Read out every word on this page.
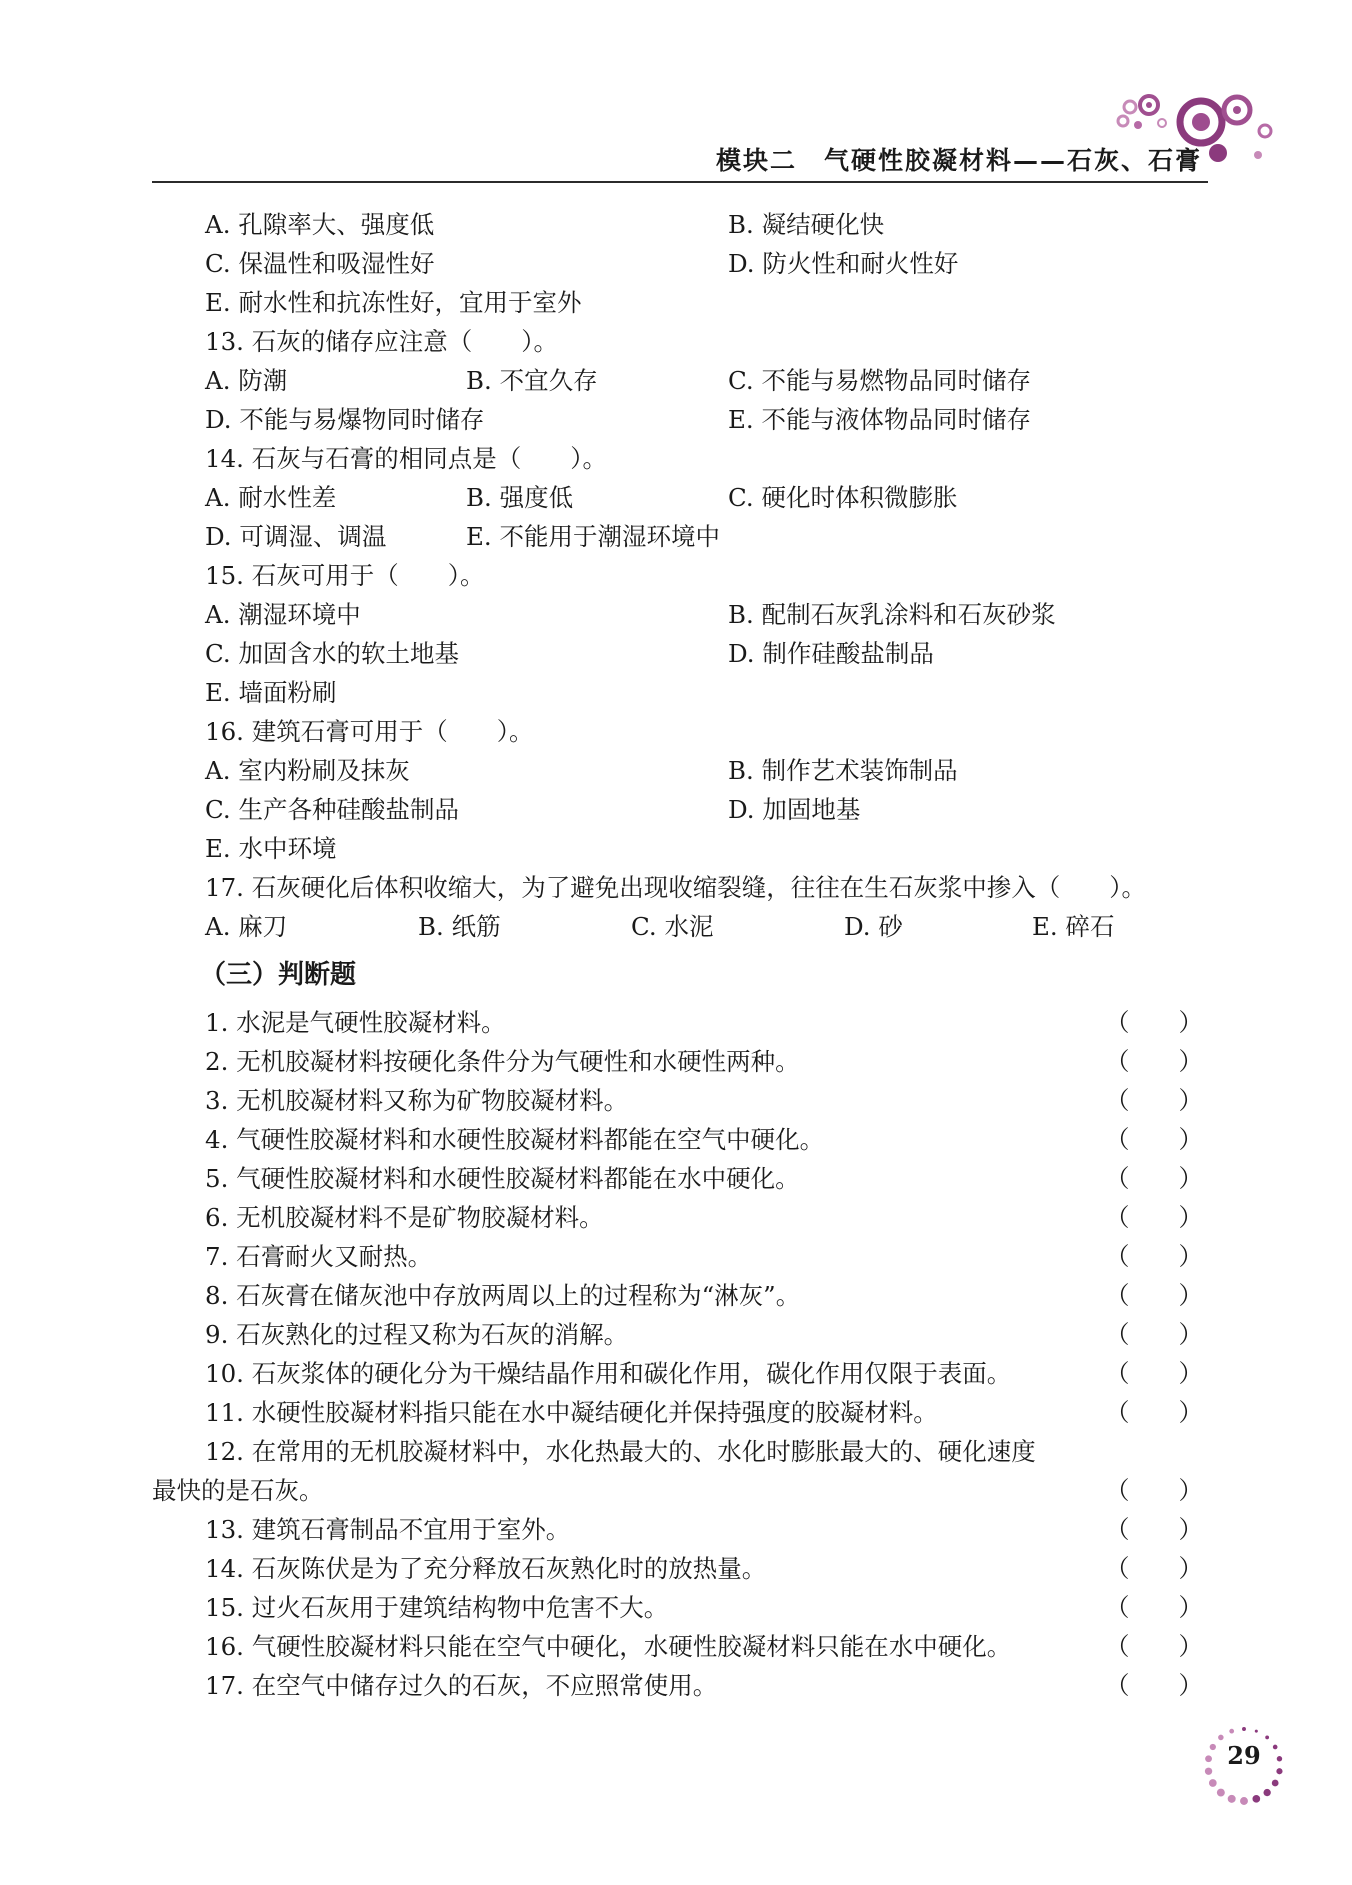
模块二　气硬性胶凝材料——石灰、石膏
A. 孔隙率大、强度低	B. 凝结硬化快
C. 保温性和吸湿性好	D. 防火性和耐火性好
E. 耐水性和抗冻性好，宜用于室外
13. 石灰的储存应注意（　　）。
A. 防潮	B. 不宜久存	C. 不能与易燃物品同时储存
D. 不能与易爆物同时储存	E. 不能与液体物品同时储存
14. 石灰与石膏的相同点是（　　）。
A. 耐水性差	B. 强度低	C. 硬化时体积微膨胀
D. 可调湿、调温	E. 不能用于潮湿环境中
15. 石灰可用于（　　）。
A. 潮湿环境中	B. 配制石灰乳涂料和石灰砂浆
C. 加固含水的软土地基	D. 制作硅酸盐制品
E. 墙面粉刷
16. 建筑石膏可用于（　　）。
A. 室内粉刷及抹灰	B. 制作艺术装饰制品
C. 生产各种硅酸盐制品	D. 加固地基
E. 水中环境
17. 石灰硬化后体积收缩大，为了避免出现收缩裂缝，往往在生石灰浆中掺入（　　）。
A. 麻刀	B. 纸筋	C. 水泥	D. 砂	E. 碎石
（三）判断题
1. 水泥是气硬性胶凝材料。	（　　）
2. 无机胶凝材料按硬化条件分为气硬性和水硬性两种。	（　　）
3. 无机胶凝材料又称为矿物胶凝材料。	（　　）
4. 气硬性胶凝材料和水硬性胶凝材料都能在空气中硬化。	（　　）
5. 气硬性胶凝材料和水硬性胶凝材料都能在水中硬化。	（　　）
6. 无机胶凝材料不是矿物胶凝材料。	（　　）
7. 石膏耐火又耐热。	（　　）
8. 石灰膏在储灰池中存放两周以上的过程称为“淋灰”。	（　　）
9. 石灰熟化的过程又称为石灰的消解。	（　　）
10. 石灰浆体的硬化分为干燥结晶作用和碳化作用，碳化作用仅限于表面。	（　　）
11. 水硬性胶凝材料指只能在水中凝结硬化并保持强度的胶凝材料。	（　　）
12. 在常用的无机胶凝材料中，水化热最大的、水化时膨胀最大的、硬化速度
最快的是石灰。	（　　）
13. 建筑石膏制品不宜用于室外。	（　　）
14. 石灰陈伏是为了充分释放石灰熟化时的放热量。	（　　）
15. 过火石灰用于建筑结构物中危害不大。	（　　）
16. 气硬性胶凝材料只能在空气中硬化，水硬性胶凝材料只能在水中硬化。	（　　）
17. 在空气中储存过久的石灰，不应照常使用。	（　　）
29
